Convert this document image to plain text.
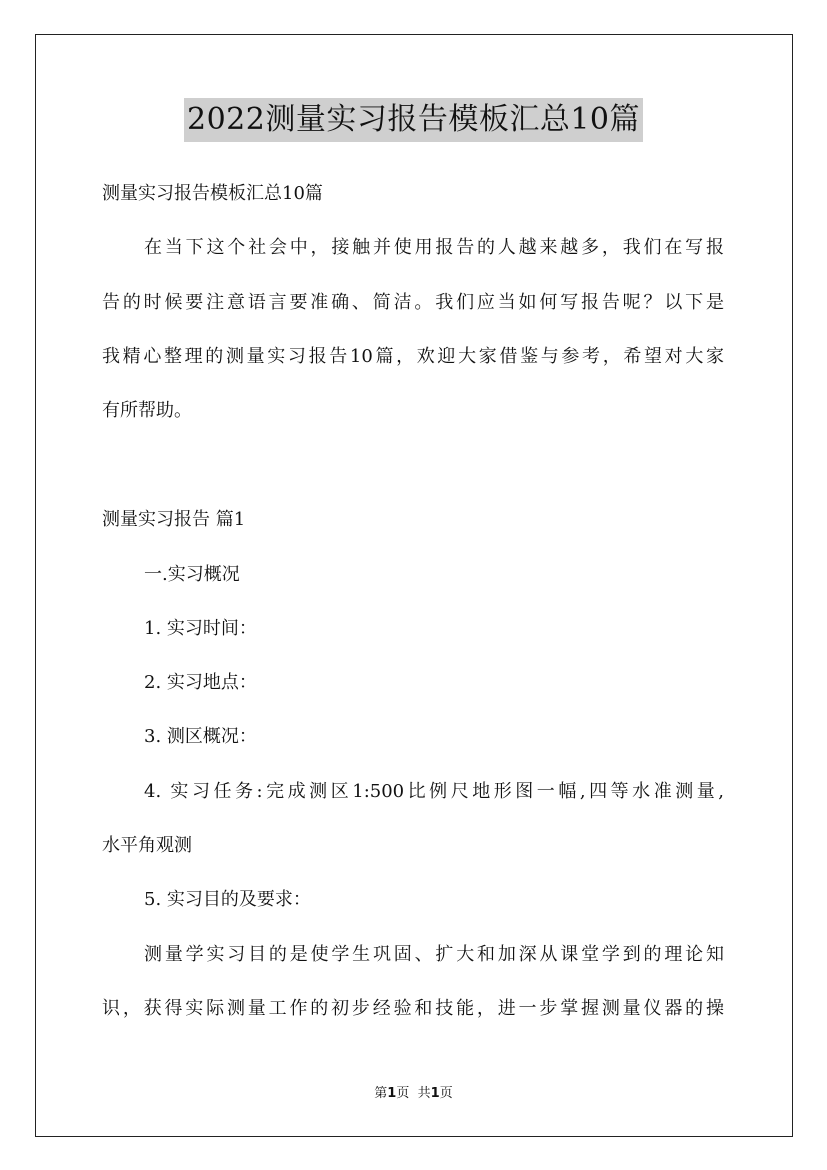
2022测量实习报告模板汇总10篇
测量实习报告模板汇总10篇
在当下这个社会中，接触并使用报告的人越来越多，我们在写报
告的时候要注意语言要准确、简洁。我们应当如何写报告呢？以下是
我精心整理的测量实习报告10篇，欢迎大家借鉴与参考，希望对大家
有所帮助。
测量实习报告 篇1
一.实习概况
1. 实习时间：
2. 实习地点：
3. 测区概况：
4. 实习任务:完成测区1:500比例尺地形图一幅,四等水准测量,
水平角观测
5. 实习目的及要求：
测量学实习目的是使学生巩固、扩大和加深从课堂学到的理论知
识，获得实际测量工作的初步经验和技能，进一步掌握测量仪器的操
第1页 共1页
